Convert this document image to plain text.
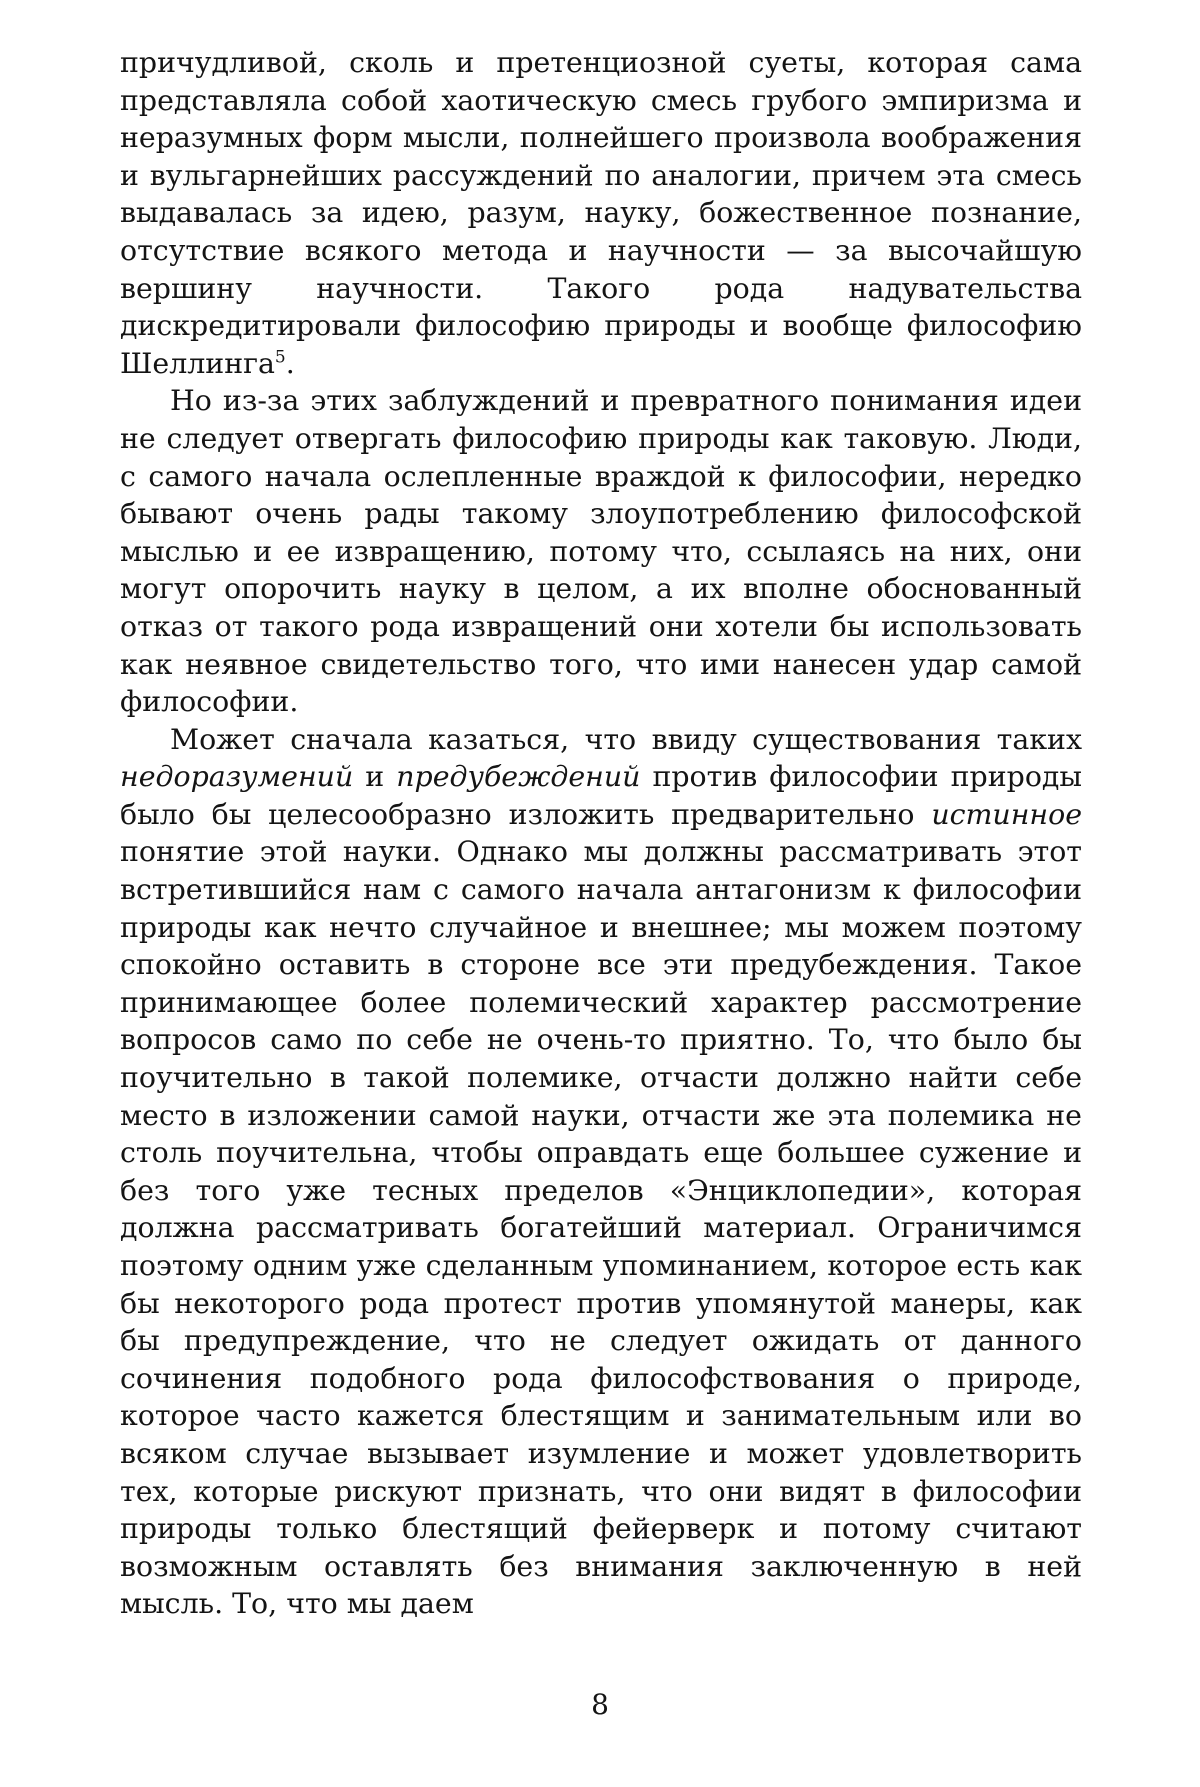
причудливой, сколь и претенциозной суеты, которая сама представляла собой хаотическую смесь грубого эмпиризма и неразумных форм мысли, полнейшего произвола воображения и вульгарнейших рассуждений по аналогии, причем эта смесь выдавалась за идею, разум, науку, божественное познание, отсутствие всякого метода и научности — за высочайшую вершину научности. Такого рода надувательства дискредитировали философию природы и вообще философию Шеллинга$^5$.

Но из-за этих заблуждений и превратного понимания идеи не следует отвергать философию природы как таковую. Люди, с самого начала ослепленные враждой к философии, нередко бывают очень рады такому злоупотреблению философской мыслью и ее извращению, потому что, ссылаясь на них, они могут опорочить науку в целом, а их вполне обоснованный отказ от такого рода извращений они хотели бы использовать как неявное свидетельство того, что ими нанесен удар самой философии.

Может сначала казаться, что ввиду существования таких недоразумений и предубеждений против философии природы было бы целесообразно изложить предварительно истинное понятие этой науки. Однако мы должны рассматривать этот встретившийся нам с самого начала антагонизм к философии природы как нечто случайное и внешнее; мы можем поэтому спокойно оставить в стороне все эти предубеждения. Такое принимающее более полемический характер рассмотрение вопросов само по себе не очень-то приятно. То, что было бы поучительно в такой полемике, отчасти должно найти себе место в изложении самой науки, отчасти же эта полемика не столь поучительна, чтобы оправдать еще большее сужение и без того уже тесных пределов «Энциклопедии», которая должна рассматривать богатейший материал. Ограничимся поэтому одним уже сделанным упоминанием, которое есть как бы некоторого рода протест против упомянутой манеры, как бы предупреждение, что не следует ожидать от данного сочинения подобного рода философствования о природе, которое часто кажется блестящим и занимательным или во всяком случае вызывает изумление и может удовлетворить тех, которые рискуют признать, что они видят в философии природы только блестящий фейерверк и потому считают возможным оставлять без внимания заключенную в ней мысль. То, что мы даем

8
